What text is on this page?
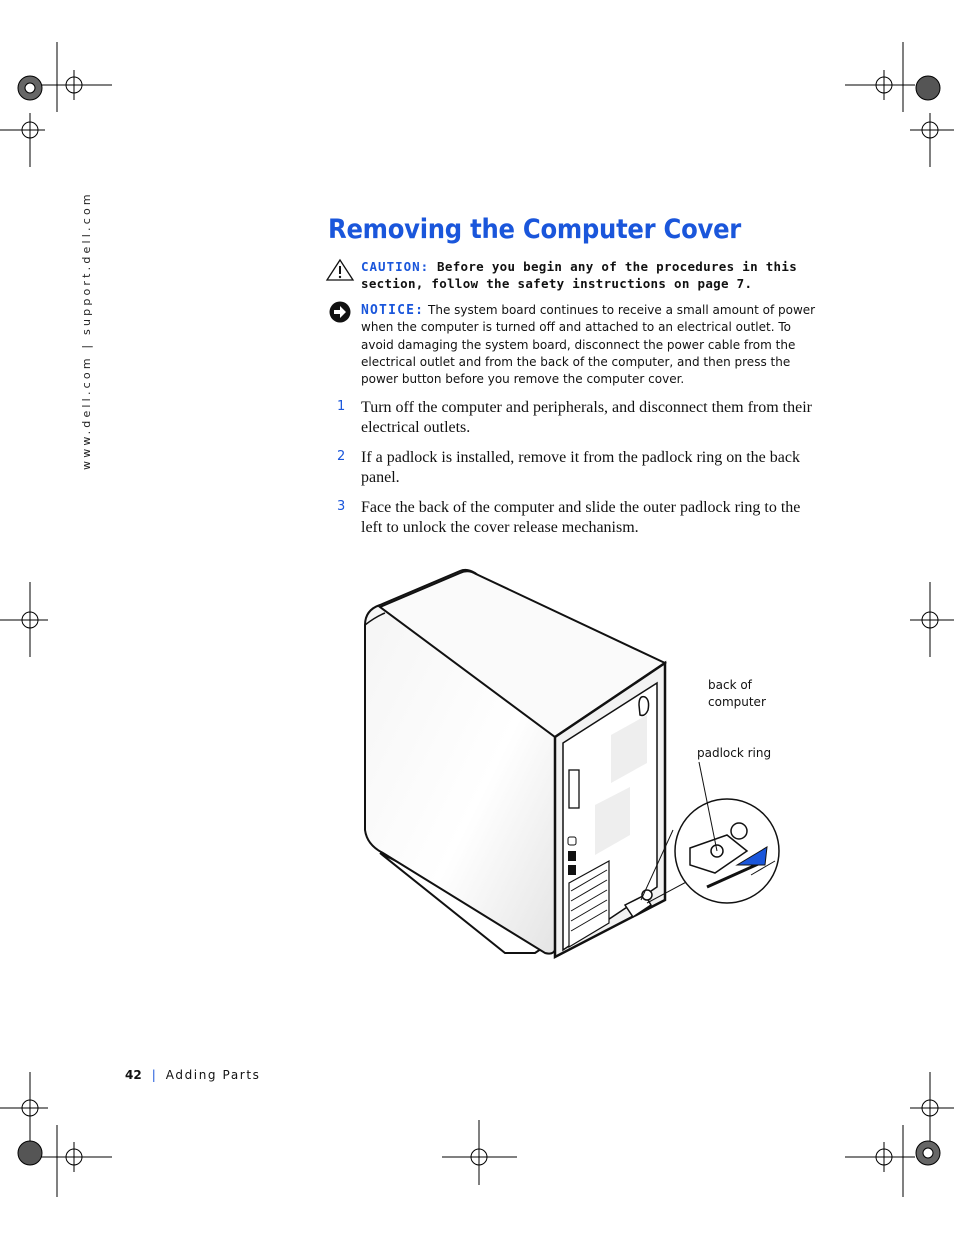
www.dell.com | support.dell.com	Removing the Computer Cover
CAUTION: Before you begin any of the procedures in this section, follow the safety instructions on page 7.
NOTICE: The system board continues to receive a small amount of power when the computer is turned off and attached to an electrical outlet. To avoid damaging the system board, disconnect the power cable from the electrical outlet and from the back of the computer, and then press the power button before you remove the computer cover.
1 Turn off the computer and peripherals, and disconnect them from their electrical outlets.
2 If a padlock is installed, remove it from the padlock ring on the back panel.
3 Face the back of the computer and slide the outer padlock ring to the left to unlock the cover release mechanism.
back of
computer
padlock ring
42 | Adding Parts
